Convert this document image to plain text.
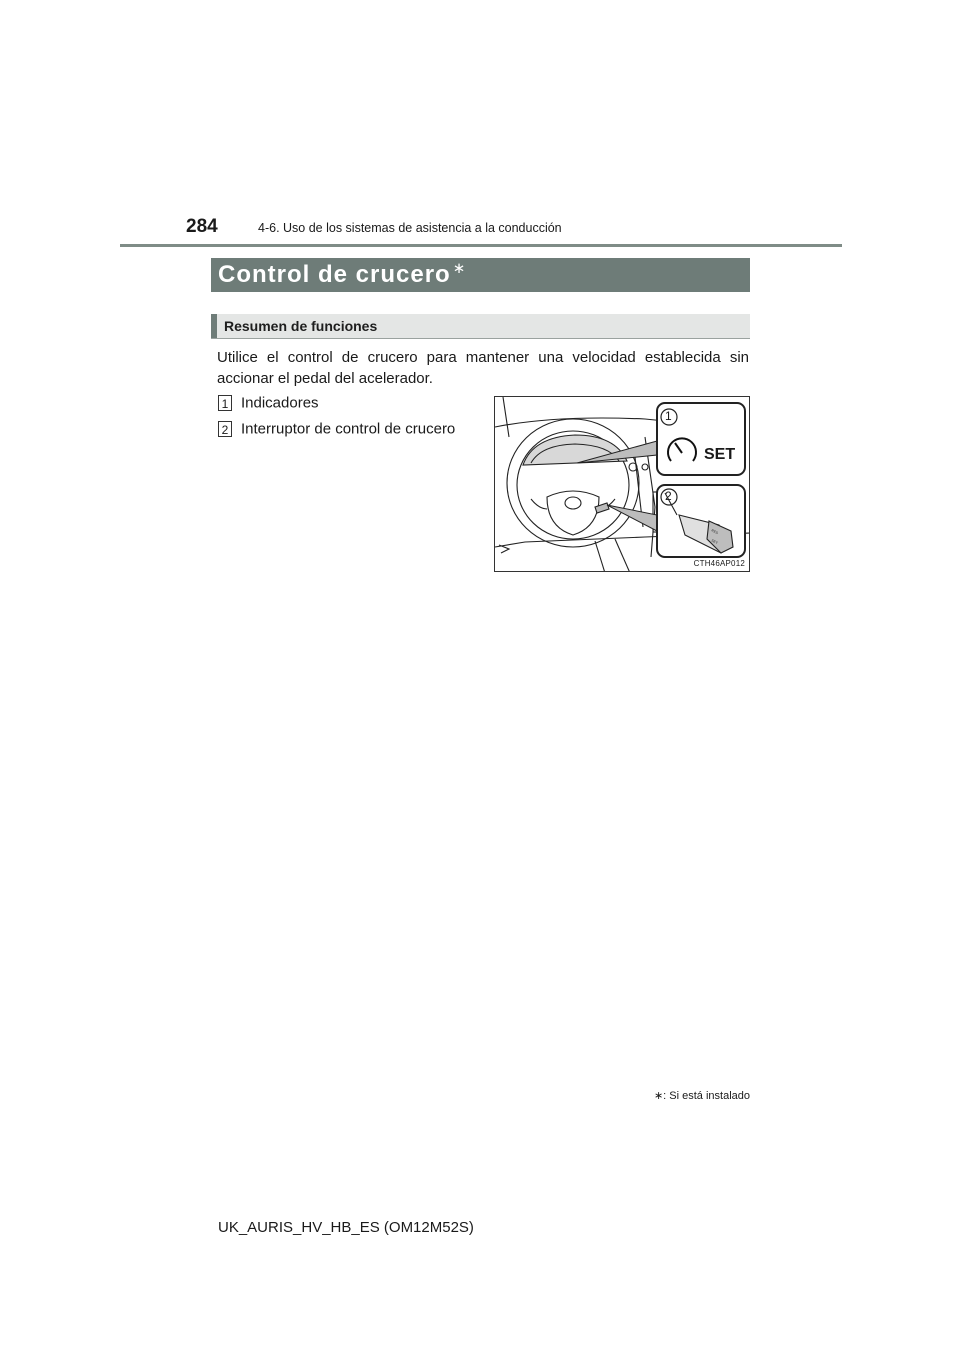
284	4-6. Uso de los sistemas de asistencia a la conducción
Control de crucero ∗
Resumen de funciones
Utilice el control de crucero para mantener una velocidad establecida sin accionar el pedal del acelerador.
1 Indicadores
2 Interruptor de control de crucero
RES
SET
1
2
SET
CTH46AP012
∗: Si está instalado
UK_AURIS_HV_HB_ES (OM12M52S)
